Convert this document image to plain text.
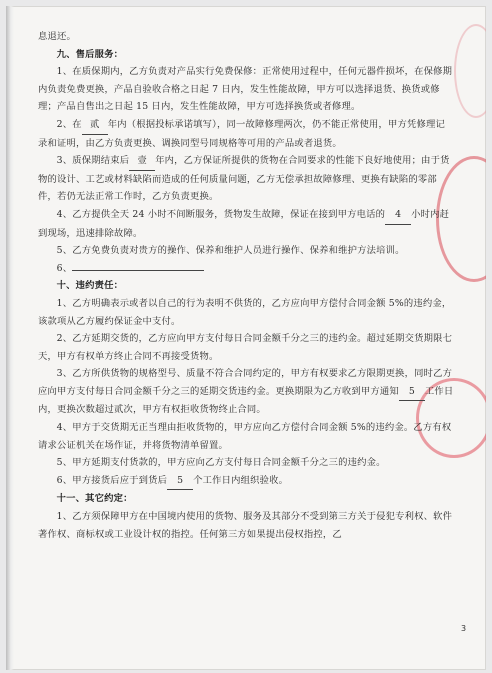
息退还。

九、售后服务：

1、在质保期内，乙方负责对产品实行免费保修：正常使用过程中，任何元器件损坏，在保修期内负责免费更换，产品自验收合格之日起 7 日内，发生性能故障，甲方可以选择退货、换货或修理；产品自售出之日起 15 日内，发生性能故障，甲方可选择换货或者修理。

2、在 贰 年内（根据投标承诺填写），同一故障修理两次，仍不能正常使用，甲方凭修理记录和证明，由乙方负责更换、调换同型号同规格等可用的产品或者退货。

3、质保期结束后 壹 年内，乙方保证所提供的货物在合同要求的性能下良好地使用；由于货物的设计、工艺或材料缺陷而造成的任何质量问题，乙方无偿承担故障修理、更换有缺陷的零部件，若仍无法正常工作时，乙方负责更换。

4、乙方提供全天 24 小时不间断服务，货物发生故障，保证在接到甲方电话的 4 小时内赶到现场，迅速排除故障。

5、乙方免费负责对贵方的操作、保养和维护人员进行操作、保养和维护方法培训。

6、

十、违约责任：

1、乙方明确表示或者以自己的行为表明不供货的，乙方应向甲方偿付合同金额 5%的违约金，该款项从乙方履约保证金中支付。

2、乙方延期交货的，乙方应向甲方支付每日合同金额千分之三的违约金。超过延期交货期限七天，甲方有权单方终止合同不再接受货物。

3、乙方所供货物的规格型号、质量不符合合同约定的，甲方有权要求乙方限期更换，同时乙方应向甲方支付每日合同金额千分之三的延期交货违约金。更换期限为乙方收到甲方通知 5 工作日内，更换次数超过贰次，甲方有权拒收货物终止合同。

4、甲方于交货期无正当理由拒收货物的，甲方应向乙方偿付合同金额 5%的违约金。乙方有权请求公证机关在场作证，并将货物清单留置。

5、甲方延期支付货款的，甲方应向乙方支付每日合同金额千分之三的违约金。

6、甲方接货后应于到货后 5 个工作日内组织验收。

十一、其它约定：

1、乙方须保障甲方在中国境内使用的货物、服务及其部分不受到第三方关于侵犯专利权、软件著作权、商标权或工业设计权的指控。任何第三方如果提出侵权指控，乙

3
